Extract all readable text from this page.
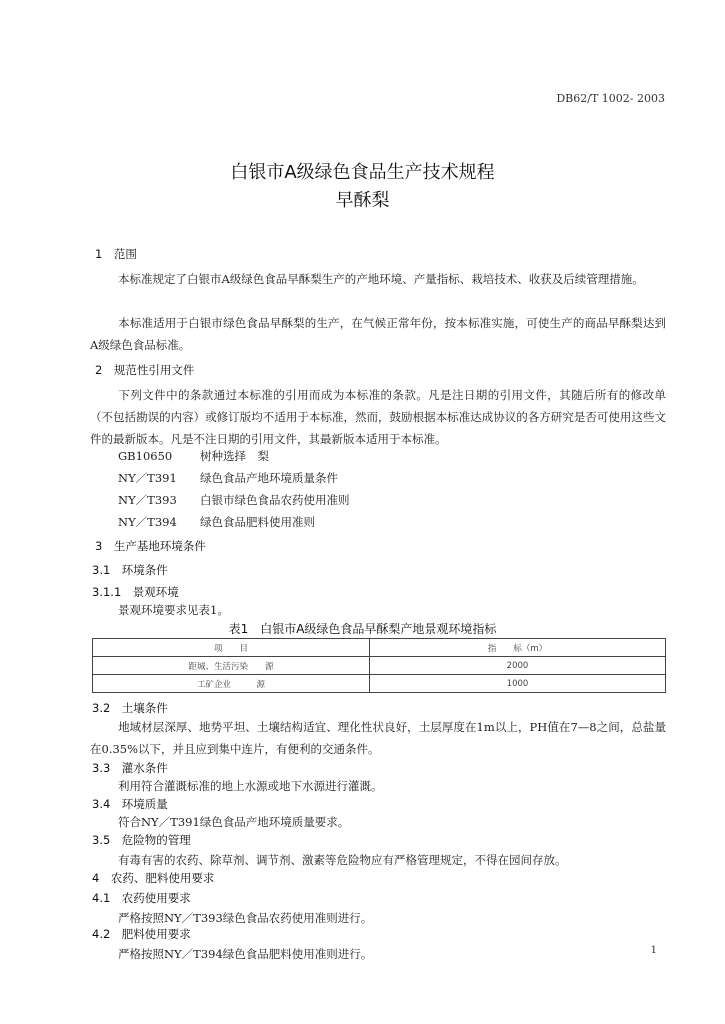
DB62/T 1002- 2003
白银市A级绿色食品生产技术规程
早酥梨
1　范围
本标准规定了白银市A级绿色食品早酥梨生产的产地环境、产量指标、栽培技术、收获及后续管理措施。
本标准适用于白银市绿色食品早酥梨的生产，在气候正常年份，按本标准实施，可使生产的商品早酥梨达到A级绿色食品标准。
2　规范性引用文件
下列文件中的条款通过本标准的引用而成为本标准的条款。凡是注日期的引用文件，其随后所有的修改单（不包括勘误的内容）或修订版均不适用于本标准，然而，鼓励根据本标准达成协议的各方研究是否可使用这些文件的最新版本。凡是不注日期的引用文件，其最新版本适用于本标准。
GB10650 树种选择　梨
NY／T391 绿色食品产地环境质量条件
NY／T393 白银市绿色食品农药使用准则
NY／T394 绿色食品肥料使用准则
3　生产基地环境条件
3.1　环境条件
3.1.1　景观环境
景观环境要求见表1。
表1　白银市A级绿色食品早酥梨产地景观环境指标
项　　目	指　　标（m）
距城、生活污染　　源	2000
工矿企业　　　源	1000
3.2　土壤条件
地域材层深厚、地势平坦、土壤结构适宜、理化性状良好，土层厚度在1m以上，PH值在7—8之间，总盐量在0.35%以下，并且应到集中连片，有便利的交通条件。
3.3　灌水条件
利用符合灌溉标准的地上水源或地下水源进行灌溉。
3.4　环境质量
符合NY／T391绿色食品产地环境质量要求。
3.5　危险物的管理
有毒有害的农药、除草剂、调节剂、激素等危险物应有严格管理规定，不得在园间存放。
4　农药、肥料使用要求
4.1　农药使用要求
严格按照NY／T393绿色食品农药使用准则进行。
4.2　肥料使用要求
严格按照NY／T394绿色食品肥料使用准则进行。	1
